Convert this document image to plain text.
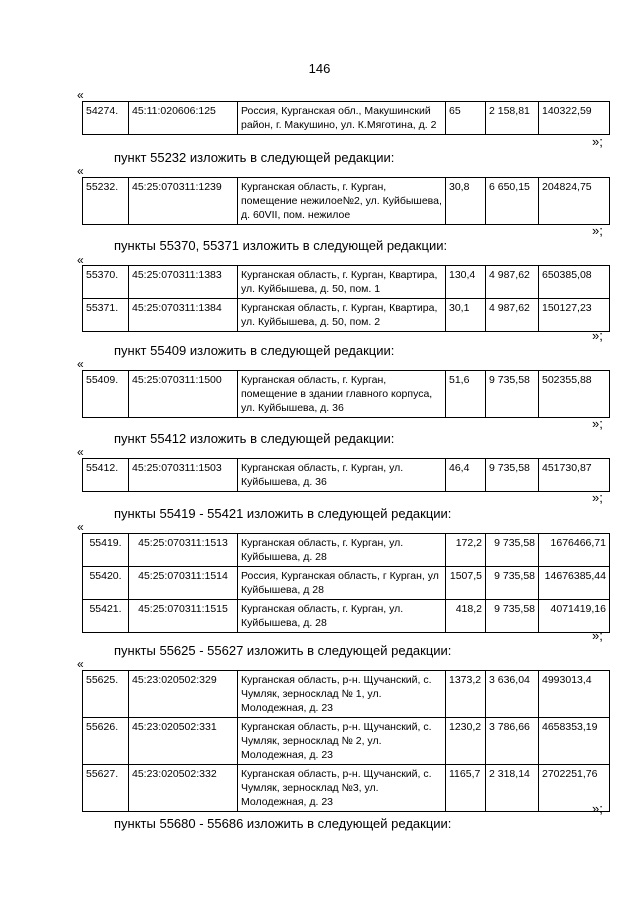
146
«
54274.	45:11:020606:125	Россия, Курганская обл., Макушинский район, г. Макушино, ул. К.Мяготина, д. 2	65	2 158,81	140322,59
»;
пункт 55232 изложить в следующей редакции:
«
55232.	45:25:070311:1239	Курганская область, г. Курган, помещение нежилое№2, ул. Куйбышева, д. 60VII, пом. нежилое	30,8	6 650,15	204824,75
»;
пункты 55370, 55371 изложить в следующей редакции:
«
55370.	45:25:070311:1383	Курганская область, г. Курган, Квартира, ул. Куйбышева, д. 50, пом. 1	130,4	4 987,62	650385,08
55371.	45:25:070311:1384	Курганская область, г. Курган, Квартира, ул. Куйбышева, д. 50, пом. 2	30,1	4 987,62	150127,23
»;
пункт 55409 изложить в следующей редакции:
«
55409.	45:25:070311:1500	Курганская область, г. Курган, помещение в здании главного корпуса, ул. Куйбышева, д. 36	51,6	9 735,58	502355,88
»;
пункт 55412 изложить в следующей редакции:
«
55412.	45:25:070311:1503	Курганская область, г. Курган, ул. Куйбышева, д. 36	46,4	9 735,58	451730,87
»;
пункты 55419 - 55421 изложить в следующей редакции:
«
55419.	45:25:070311:1513	Курганская область, г. Курган, ул. Куйбышева, д. 28	172,2	9 735,58	1676466,71
55420.	45:25:070311:1514	Россия, Курганская область, г Курган, ул Куйбышева, д 28	1507,5	9 735,58	14676385,44
55421.	45:25:070311:1515	Курганская область, г. Курган, ул. Куйбышева, д. 28	418,2	9 735,58	4071419,16
»;
пункты 55625 - 55627 изложить в следующей редакции:
«
55625.	45:23:020502:329	Курганская область, р-н. Щучанский, с. Чумляк, зерносклад № 1, ул. Молодежная, д. 23	1373,2	3 636,04	4993013,4
55626.	45:23:020502:331	Курганская область, р-н. Щучанский, с. Чумляк, зерносклад № 2, ул. Молодежная, д. 23	1230,2	3 786,66	4658353,19
55627.	45:23:020502:332	Курганская область, р-н. Щучанский, с. Чумляк, зерносклад №3, ул. Молодежная, д. 23	1165,7	2 318,14	2702251,76
»;
пункты 55680 - 55686 изложить в следующей редакции:
